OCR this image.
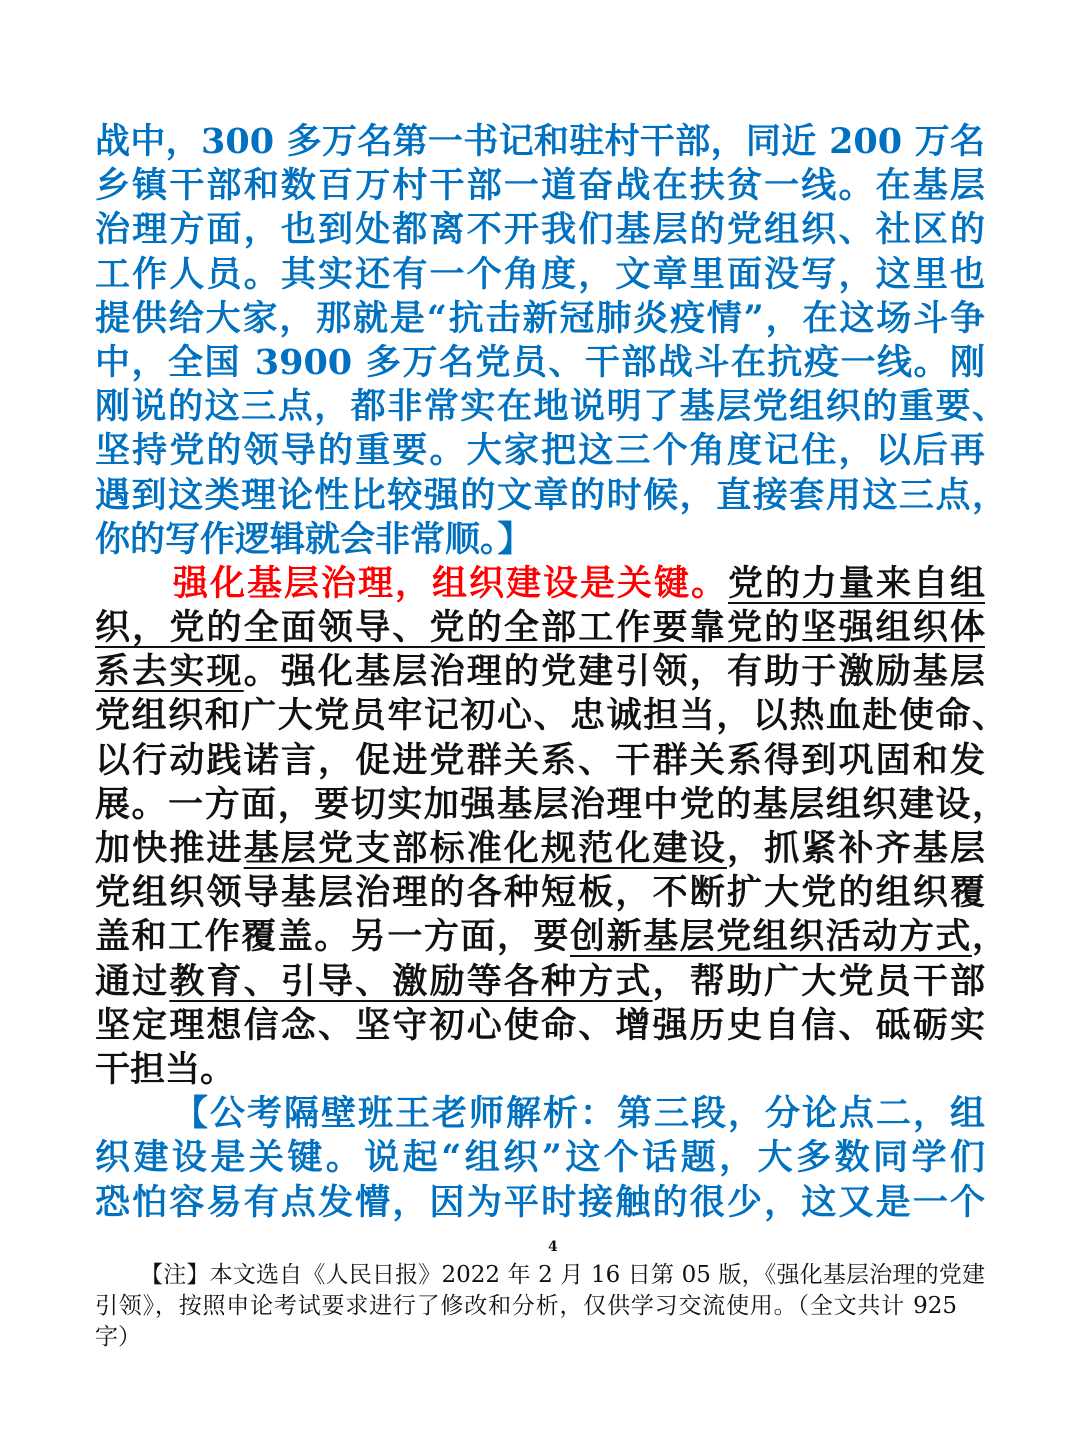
战中，300 多万名第一书记和驻村干部，同近 200 万名
乡镇干部和数百万村干部一道奋战在扶贫一线。在基层
治理方面，也到处都离不开我们基层的党组织、社区的
工作人员。其实还有一个角度，文章里面没写，这里也
提供给大家，那就是“抗击新冠肺炎疫情”，在这场斗争
中，全国 3900 多万名党员、干部战斗在抗疫一线。刚
刚说的这三点，都非常实在地说明了基层党组织的重要、
坚持党的领导的重要。大家把这三个角度记住，以后再
遇到这类理论性比较强的文章的时候，直接套用这三点，
你的写作逻辑就会非常顺。】
强化基层治理，组织建设是关键。党的力量来自组
织，党的全面领导、党的全部工作要靠党的坚强组织体
系去实现。强化基层治理的党建引领，有助于激励基层
党组织和广大党员牢记初心、忠诚担当，以热血赴使命、
以行动践诺言，促进党群关系、干群关系得到巩固和发
展。一方面，要切实加强基层治理中党的基层组织建设，
加快推进基层党支部标准化规范化建设，抓紧补齐基层
党组织领导基层治理的各种短板，不断扩大党的组织覆
盖和工作覆盖。另一方面，要创新基层党组织活动方式，
通过教育、引导、激励等各种方式，帮助广大党员干部
坚定理想信念、坚守初心使命、增强历史自信、砥砺实
干担当。
【公考隔壁班王老师解析：第三段，分论点二，组
织建设是关键。说起“组织”这个话题，大多数同学们
恐怕容易有点发懵，因为平时接触的很少，这又是一个
4
【注】本文选自《人民日报》2022 年 2 月 16 日第 05 版，《强化基层治理的党建
引领》，按照申论考试要求进行了修改和分析，仅供学习交流使用。（全文共计 925
字）
